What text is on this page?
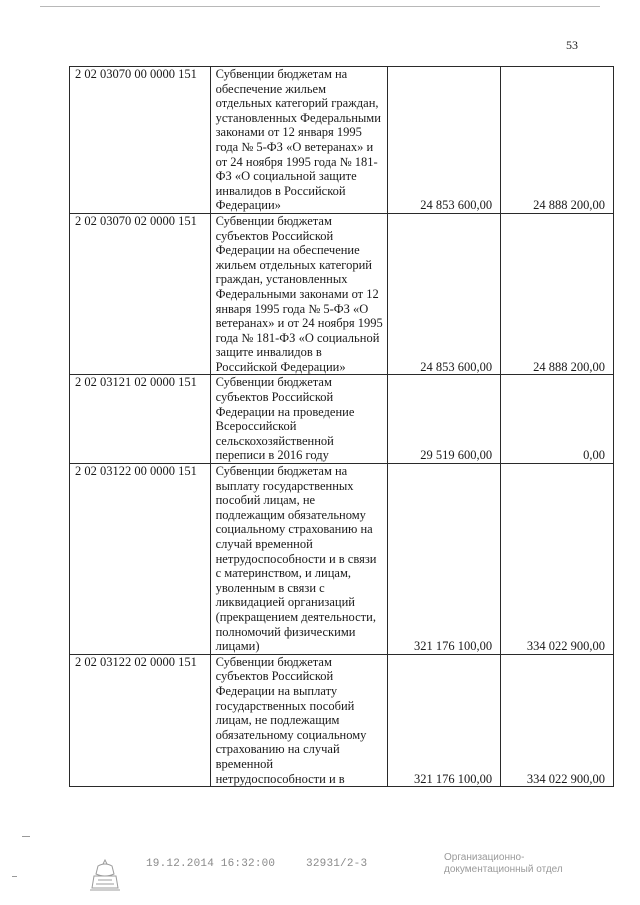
53
2 02 03070 00 0000 151	Субвенции бюджетам на обеспечение жильем отдельных категорий граждан, установленных Федеральными законами от 12 января 1995 года № 5-ФЗ «О ветеранах» и от 24 ноября 1995 года № 181-ФЗ «О социальной защите инвалидов в Российской Федерации»	24 853 600,00	24 888 200,00
2 02 03070 02 0000 151	Субвенции бюджетам субъектов Российской Федерации на обеспечение жильем отдельных категорий граждан, установленных Федеральными законами от 12 января 1995 года № 5-ФЗ «О ветеранах» и от 24 ноября 1995 года № 181-ФЗ «О социальной защите инвалидов в Российской Федерации»	24 853 600,00	24 888 200,00
2 02 03121 02 0000 151	Субвенции бюджетам субъектов Российской Федерации на проведение Всероссийской сельскохозяйственной переписи в 2016 году	29 519 600,00	0,00
2 02 03122 00 0000 151	Субвенции бюджетам на выплату государственных пособий лицам, не подлежащим обязательному социальному страхованию на случай временной нетрудоспособности и в связи с материнством, и лицам, уволенным в связи с ликвидацией организаций (прекращением деятельности, полномочий физическими лицами)	321 176 100,00	334 022 900,00
2 02 03122 02 0000 151	Субвенции бюджетам субъектов Российской Федерации на выплату государственных пособий лицам, не подлежащим обязательному социальному страхованию на случай временной нетрудоспособности и в	321 176 100,00	334 022 900,00
19.12.2014 16:32:00	32931/2-3
Организационно-
документационный отдел
